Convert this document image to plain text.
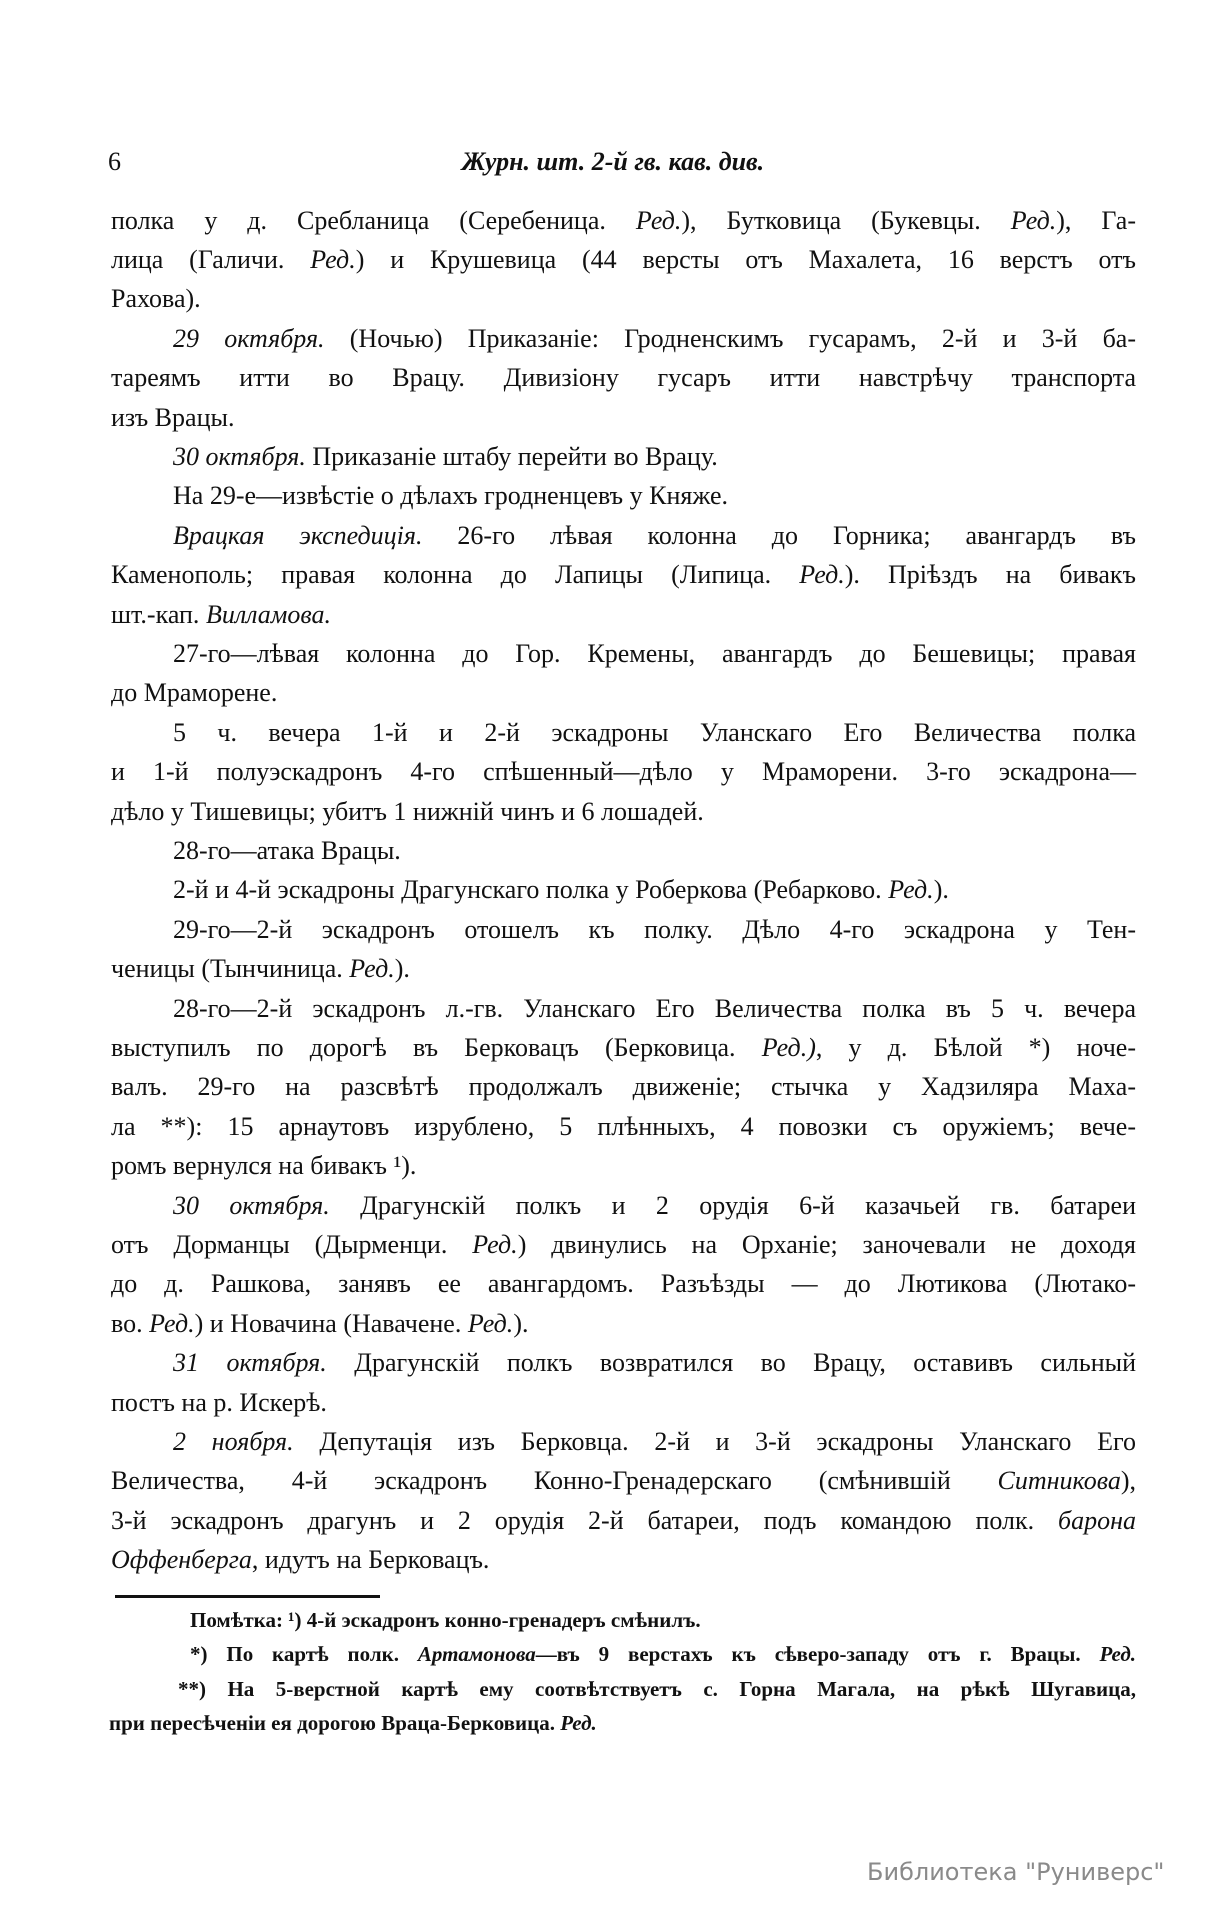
6	Журн. шт. 2-й гв. кав. див.
полка у д. Сребланица (Серебеница. Ред.), Бутковица (Букевцы. Ред.), Га-
лица (Галичи. Ред.) и Крушевица (44 версты отъ Махалета, 16 верстъ отъ
Рахова).
29 октября. (Ночью) Приказаніе: Гродненскимъ гусарамъ, 2-й и 3-й ба-
тареямъ итти во Врацу. Дивизіону гусаръ итти навстрѣчу транспорта
изъ Врацы.
30 октября. Приказаніе штабу перейти во Врацу.
На 29-е—извѣстіе о дѣлахъ гродненцевъ у Княже.
Врацкая экспедиція. 26-го лѣвая колонна до Горника; авангардъ въ
Каменополь; правая колонна до Лапицы (Липица. Ред.). Пріѣздъ на бивакъ
шт.-кап. Вилламова.
27-го—лѣвая колонна до Гор. Кремены, авангардъ до Бешевицы; правая
до Мраморене.
5 ч. вечера 1-й и 2-й эскадроны Уланскаго Его Величества полка
и 1-й полуэскадронъ 4-го спѣшенный—дѣло у Мраморени. 3-го эскадрона—
дѣло у Тишевицы; убитъ 1 нижній чинъ и 6 лошадей.
28-го—атака Врацы.
2-й и 4-й эскадроны Драгунскаго полка у Роберкова (Ребарково. Ред.).
29-го—2-й эскадронъ отошелъ къ полку. Дѣло 4-го эскадрона у Тен-
ченицы (Тынчиница. Ред.).
28-го—2-й эскадронъ л.-гв. Уланскаго Его Величества полка въ 5 ч. вечера
выступилъ по дорогѣ въ Берковацъ (Берковица. Ред.), у д. Бѣлой *) ноче-
валъ. 29-го на разсвѣтѣ продолжалъ движеніе; стычка у Хадзиляра Маха-
ла **): 15 арнаутовъ изрублено, 5 плѣнныхъ, 4 повозки съ оружіемъ; вече-
ромъ вернулся на бивакъ ¹).
30 октября. Драгунскій полкъ и 2 орудія 6-й казачьей гв. батареи
отъ Дорманцы (Дырменци. Ред.) двинулись на Орханіе; заночевали не доходя
до д. Рашкова, занявъ ее авангардомъ. Разъѣзды — до Лютикова (Лютако-
во. Ред.) и Новачина (Навачене. Ред.).
31 октября. Драгунскій полкъ возвратился во Врацу, оставивъ сильный
постъ на р. Искерѣ.
2 ноября. Депутація изъ Берковца. 2-й и 3-й эскадроны Уланскаго Его
Величества, 4-й эскадронъ Конно-Гренадерскаго (смѣнившій Ситникова),
3-й эскадронъ драгунъ и 2 орудія 2-й батареи, подъ командою полк. барона
Оффенберга, идутъ на Берковацъ.
Помѣтка: ¹) 4-й эскадронъ конно-гренадеръ смѣнилъ.
*) По картѣ полк. Артамонова—въ 9 верстахъ къ сѣверо-западу отъ г. Врацы. Ред.
**) На 5-верстной картѣ ему соотвѣтствуетъ с. Горна Магала, на рѣкѣ Шугавица,
при пересѣченіи ея дорогою Враца-Берковица. Ред.
Библиотека "Руниверс"
